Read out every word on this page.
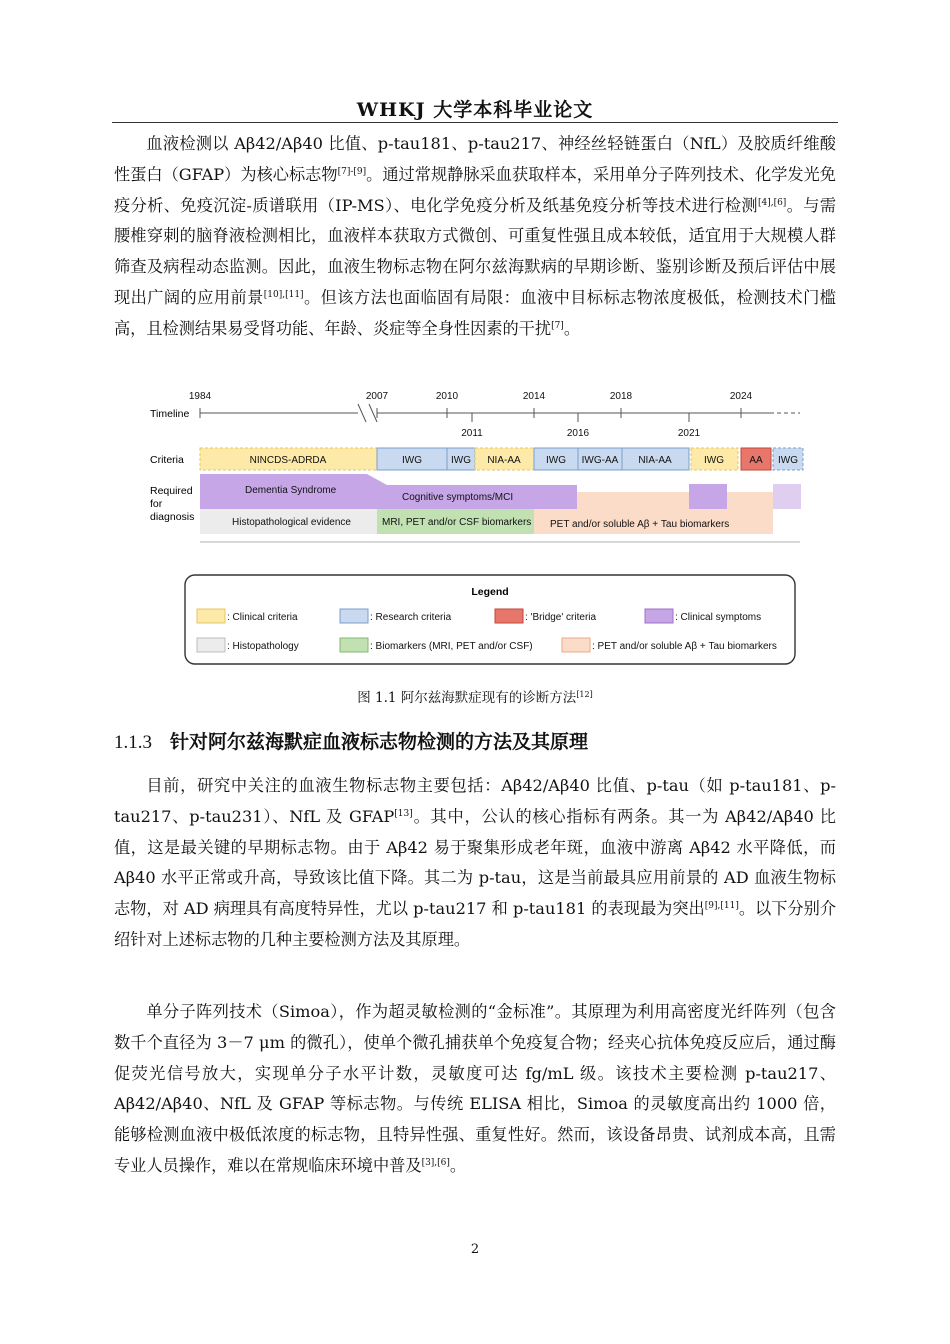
WHKJ 大学本科毕业论文

血液检测以 Aβ42/Aβ40 比值、p-tau181、p-tau217、神经丝轻链蛋白（NfL）及胶质纤维酸性蛋白（GFAP）为核心标志物[7]-[9]。通过常规静脉采血获取样本，采用单分子阵列技术、化学发光免疫分析、免疫沉淀-质谱联用（IP-MS）、电化学免疫分析及纸基免疫分析等技术进行检测[4],[6]。与需腰椎穿刺的脑脊液检测相比，血液样本获取方式微创、可重复性强且成本较低，适宜用于大规模人群筛查及病程动态监测。因此，血液生物标志物在阿尔兹海默病的早期诊断、鉴别诊断及预后评估中展现出广阔的应用前景[10],[11]。但该方法也面临固有局限：血液中目标标志物浓度极低，检测技术门槛高，且检测结果易受肾功能、年龄、炎症等全身性因素的干扰[7]。

Timeline
Criteria
Required
for
diagnosis
1984	2007	2010	2014	2018	2024
2011	2016	2021
NINCDS-ADRDA	IWG	IWG NIA-AA	IWG IWG-AA NIA-AA	IWG	AA IWG
Dementia Syndrome
Cognitive symptoms/MCI
Histopathological evidence	MRI, PET and/or CSF biomarkers PET and/or soluble Aβ + Tau biomarkers
Legend
: Clinical criteria	: Research criteria	: 'Bridge' criteria	: Clinical symptoms
: Histopathology	: Biomarkers (MRI, PET and/or CSF)	: PET and/or soluble Aβ + Tau biomarkers
图 1.1 阿尔兹海默症现有的诊断方法[12]
1.1.3 针对阿尔兹海默症血液标志物检测的方法及其原理

目前，研究中关注的血液生物标志物主要包括：Aβ42/Aβ40 比值、p-tau（如 p-tau181、p-tau217、p-tau231）、NfL 及 GFAP[13]。其中，公认的核心指标有两条。其一为 Aβ42/Aβ40 比值，这是最关键的早期标志物。由于 Aβ42 易于聚集形成老年斑，血液中游离 Aβ42 水平降低，而 Aβ40 水平正常或升高，导致该比值下降。其二为 p-tau，这是当前最具应用前景的 AD 血液生物标志物，对 AD 病理具有高度特异性，尤以 p-tau217 和 p-tau181 的表现最为突出[9],[11]。以下分别介绍针对上述标志物的几种主要检测方法及其原理。

单分子阵列技术（Simoa），作为超灵敏检测的“金标准”。其原理为利用高密度光纤阵列（包含数千个直径为 3－7 μm 的微孔），使单个微孔捕获单个免疫复合物；经夹心抗体免疫反应后，通过酶促荧光信号放大，实现单分子水平计数，灵敏度可达 fg/mL 级。该技术主要检测 p-tau217、Aβ42/Aβ40、NfL 及 GFAP 等标志物。与传统 ELISA 相比，Simoa 的灵敏度高出约 1000 倍，能够检测血液中极低浓度的标志物，且特异性强、重复性好。然而，该设备昂贵、试剂成本高，且需专业人员操作，难以在常规临床环境中普及[3],[6]。

2
